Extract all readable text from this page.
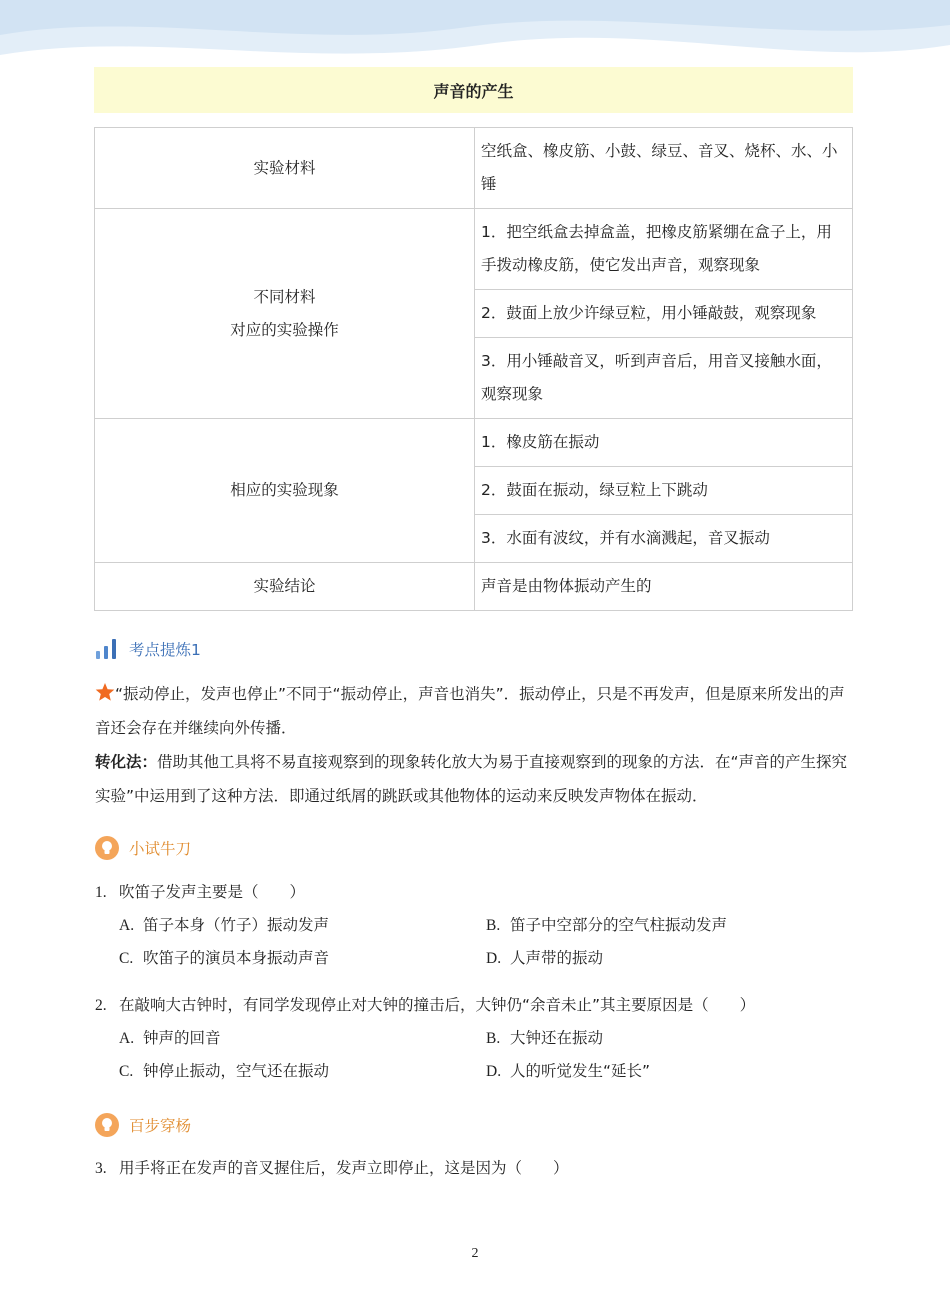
声音的产生
实验材料	空纸盒、橡皮筋、小鼓、绿豆、音叉、烧杯、水、小锤

不同材料
对应的实验操作	1．把空纸盒去掉盒盖，把橡皮筋紧绷在盒子上，用手拨动橡皮筋，使它发出声音，观察现象
	2．鼓面上放少许绿豆粒，用小锤敲鼓，观察现象
	3．用小锤敲音叉，听到声音后，用音叉接触水面，观察现象
相应的实验现象	1．橡皮筋在振动
	2．鼓面在振动，绿豆粒上下跳动
	3．水面有波纹，并有水滴溅起，音叉振动
实验结论	声音是由物体振动产生的
考点提炼1
“振动停止，发声也停止”不同于“振动停止，声音也消失”．振动停止，只是不再发声，但是原来所发出的声音还会存在并继续向外传播．
转化法：借助其他工具将不易直接观察到的现象转化放大为易于直接观察到的现象的方法．在“声音的产生探究实验”中运用到了这种方法．即通过纸屑的跳跃或其他物体的运动来反映发声物体在振动．
小试牛刀
1. 吹笛子发声主要是（　　）
A. 笛子本身（竹子）振动发声	B. 笛子中空部分的空气柱振动发声
C. 吹笛子的演员本身振动声音	D. 人声带的振动
2. 在敲响大古钟时，有同学发现停止对大钟的撞击后，大钟仍“余音未止”其主要原因是（　　）
A. 钟声的回音	B. 大钟还在振动
C. 钟停止振动，空气还在振动	D. 人的听觉发生“延长”
百步穿杨
3. 用手将正在发声的音叉握住后，发声立即停止，这是因为（　　）
2
